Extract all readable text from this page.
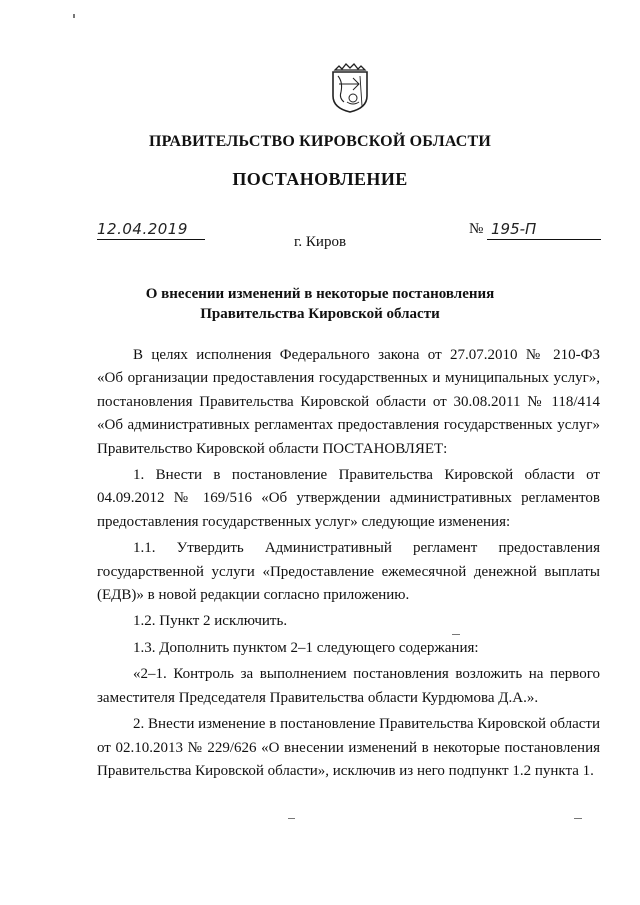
ПРАВИТЕЛЬСТВО КИРОВСКОЙ ОБЛАСТИ
ПОСТАНОВЛЕНИЕ
12.04.2019	№ 195-П
г. Киров
О внесении изменений в некоторые постановления
Правительства Кировской области
В целях исполнения Федерального закона от 27.07.2010 № 210-ФЗ
«Об организации предоставления государственных и муниципальных услуг»,
постановления Правительства Кировской области от 30.08.2011 № 118/414
«Об административных регламентах предоставления государственных услуг»
Правительство Кировской области ПОСТАНОВЛЯЕТ:
1. Внести в постановление Правительства Кировской области от
04.09.2012 № 169/516 «Об утверждении административных регламентов
предоставления государственных услуг» следующие изменения:
1.1. Утвердить Административный регламент предоставления
государственной услуги «Предоставление ежемесячной денежной выплаты
(ЕДВ)» в новой редакции согласно приложению.
1.2. Пункт 2 исключить.
1.3. Дополнить пунктом 2–1 следующего содержания:
«2–1. Контроль за выполнением постановления возложить на первого
заместителя Председателя Правительства области Курдюмова Д.А.».
2. Внести изменение в постановление Правительства Кировской области
от 02.10.2013 № 229/626 «О внесении изменений в некоторые постановления
Правительства Кировской области», исключив из него подпункт 1.2 пункта 1.
